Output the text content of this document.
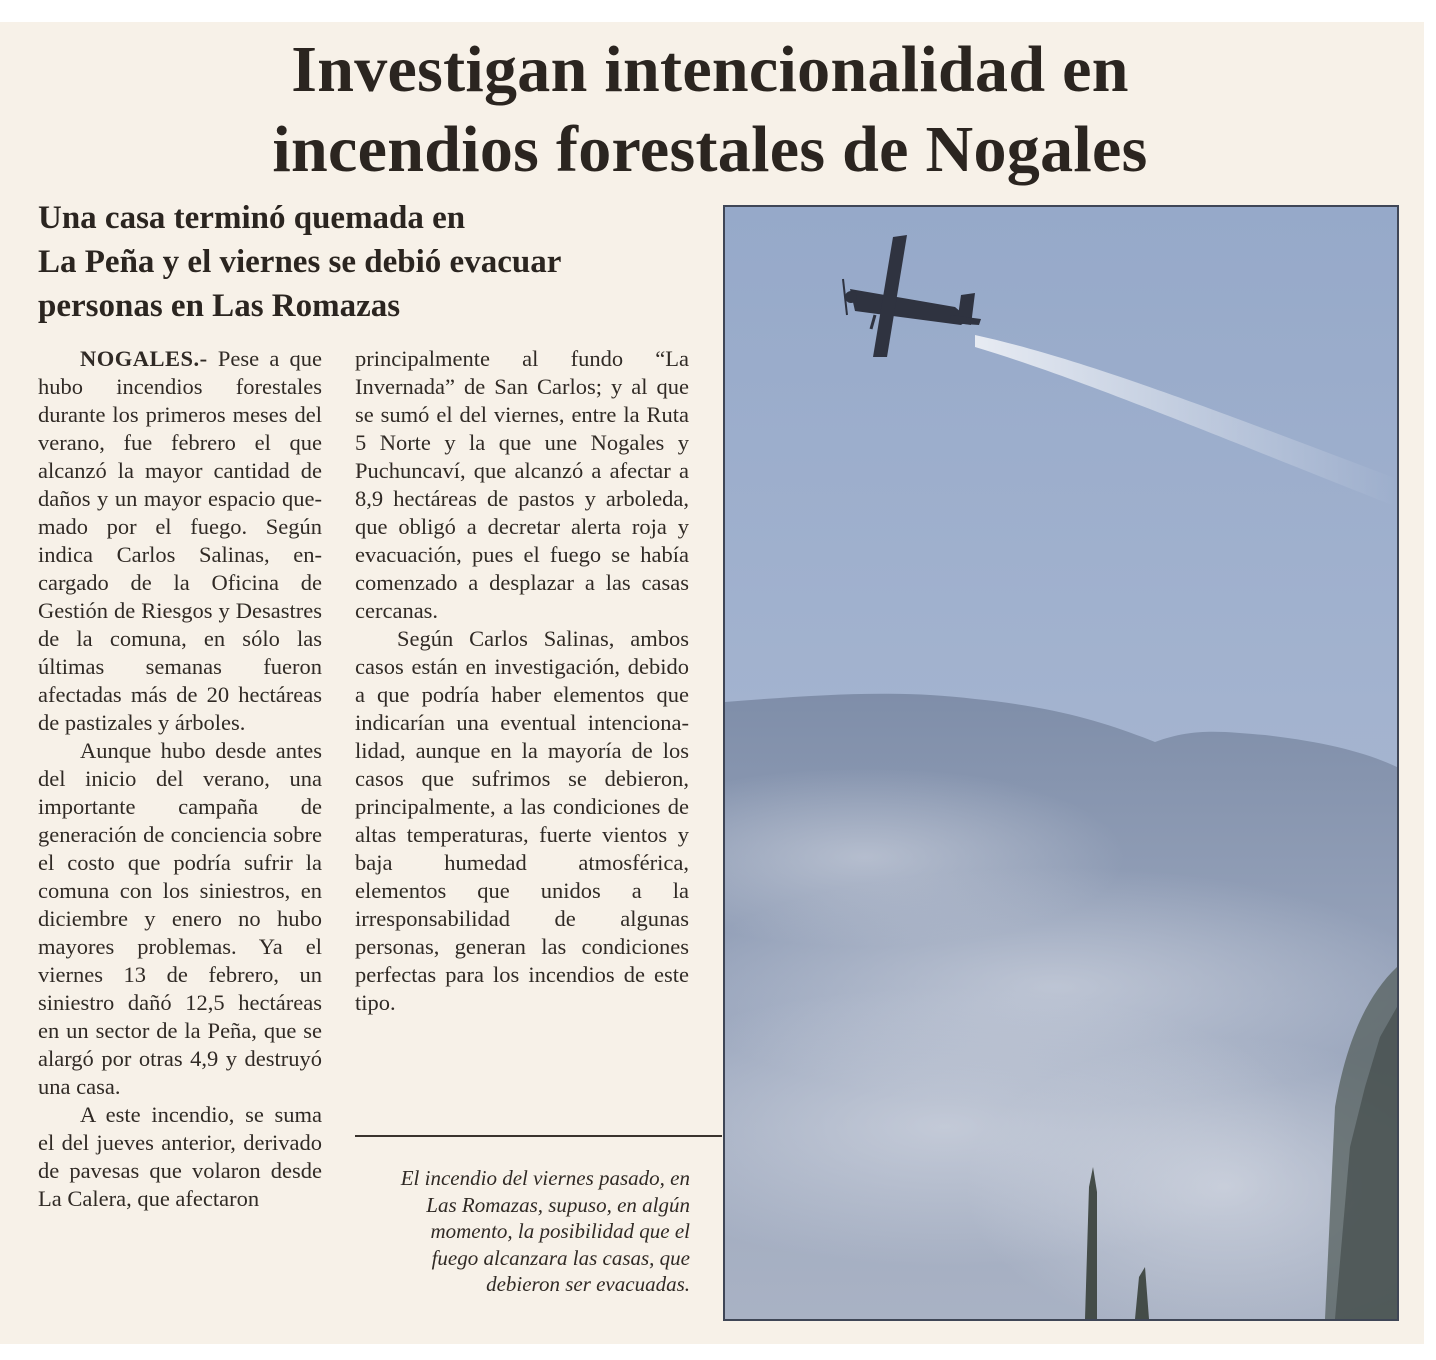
Investigan intencionalidad en
incendios forestales de Nogales
Una casa terminó quemada en
La Peña y el viernes se debió evacuar
personas en Las Romazas

NOGALES.- Pese a que hubo incendios forestales durante los primeros meses del verano, fue febrero el que alcanzó la mayor cantidad de daños y un mayor espacio quemado por el fuego. Según indica Carlos Salinas, encargado de la Oficina de Gestión de Riesgos y Desastres de la comuna, en sólo las últimas semanas fueron afectadas más de 20 hectáreas de pastizales y árboles.

Aunque hubo desde antes del inicio del verano, una importante campaña de generación de conciencia sobre el costo que podría sufrir la comuna con los siniestros, en diciembre y enero no hubo mayores problemas. Ya el viernes 13 de febrero, un siniestro dañó 12,5 hectáreas en un sector de la Peña, que se alargó por otras 4,9 y destruyó una casa.

A este incendio, se suma el del jueves anterior, derivado de pavesas que volaron desde La Calera, que afectaron

principalmente al fundo “La Invernada” de San Carlos; y al que se sumó el del viernes, entre la Ruta 5 Norte y la que une Nogales y Puchuncaví, que alcanzó a afectar a 8,9 hectáreas de pastos y arboleda, que obligó a decretar alerta roja y evacuación, pues el fuego se había comenzado a desplazar a las casas cercanas.

Según Carlos Salinas, ambos casos están en investigación, debido a que podría haber elementos que indicarían una eventual intencionalidad, aunque en la mayoría de los casos que sufrimos se debieron, principalmente, a las condiciones de altas temperaturas, fuerte vientos y baja humedad atmosférica, elementos que unidos a la irresponsabilidad de algunas personas, generan las condiciones perfectas para los incendios de este tipo.

El incendio del viernes pasado, en Las Romazas, supuso, en algún momento, la posibilidad que el fuego alcanzara las casas, que debieron ser evacuadas.
